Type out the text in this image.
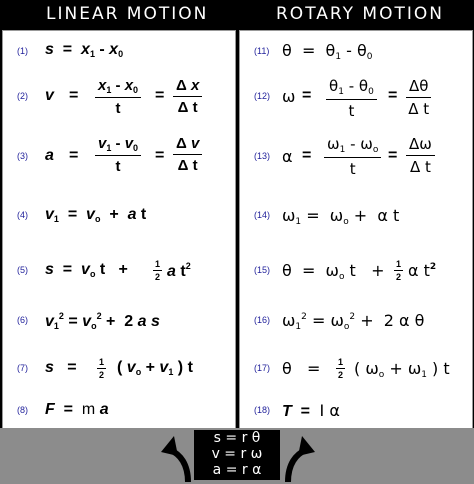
LINEAR MOTION	ROTARY MOTION
(1) $s = x_1 - x_0$
(2) $v = \frac{x_1 - x_0}{t} = \frac{\text{Δ x}}{\text{Δ t}}$
(3) $a = \frac{v_1 - v_0}{t} = \frac{\text{Δ v}}{\text{Δ t}}$
(4) $v_1 = v_o + a$ t
(5) $s = v_o$ t   +	$\frac{1}{2}$ a $t^2$
(6) $v_1^2 = v_o^2 + 2$ a s
(7) $s = \frac{1}{2}$ ( $v_o + v_1$ ) t
(8) F  =  m a
(11) $\theta = \theta_1 - \theta_0$
(12) $\omega = \frac{\theta_1 - \theta_0}{t} = \frac{\Delta\theta}{\text{Δ t}}$
(13) $\alpha = \frac{\omega_1 - \omega_o}{t} = \frac{\Delta\omega}{\text{Δ t}}$
(14) $\omega_1 = \omega_o + \alpha$ t
(15) $\theta = \omega_o$ $t + \frac{1}{2}$ α $t^2$
(16) $\omega_1^2 = \omega_o^2 + 2$ α θ
(17) $\theta = \frac{1}{2}$ ( $\omega_o + \omega_1$ ) t
(18) T  =  I α
s = r θ
v = r ω
a = r α
